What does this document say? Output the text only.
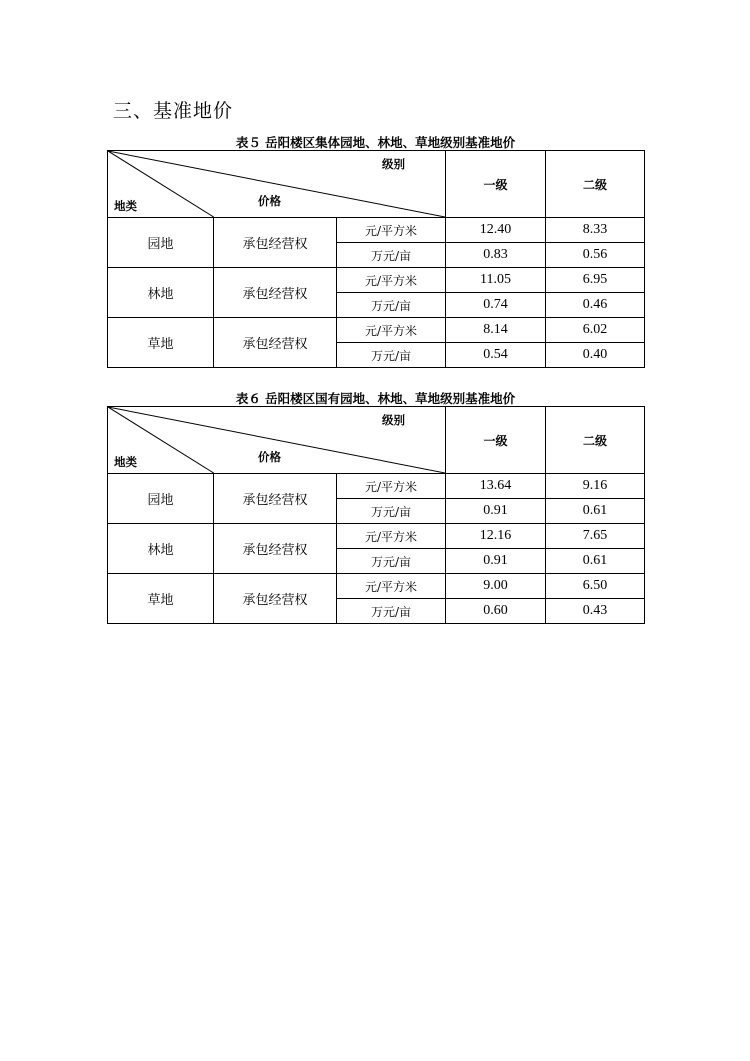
三、基准地价
表５ 岳阳楼区集体园地、林地、草地级别基准地价
级别
价格
地类			一级	二级
园地	承包经营权	元/平方米	12.40	8.33
		万元/亩	0.83	0.56
林地	承包经营权	元/平方米	11.05	6.95
		万元/亩	0.74	0.46
草地	承包经营权	元/平方米	8.14	6.02
		万元/亩	0.54	0.40
表６ 岳阳楼区国有园地、林地、草地级别基准地价
级别
价格
地类			一级	二级
园地	承包经营权	元/平方米	13.64	9.16
		万元/亩	0.91	0.61
林地	承包经营权	元/平方米	12.16	7.65
		万元/亩	0.91	0.61
草地	承包经营权	元/平方米	9.00	6.50
		万元/亩	0.60	0.43
